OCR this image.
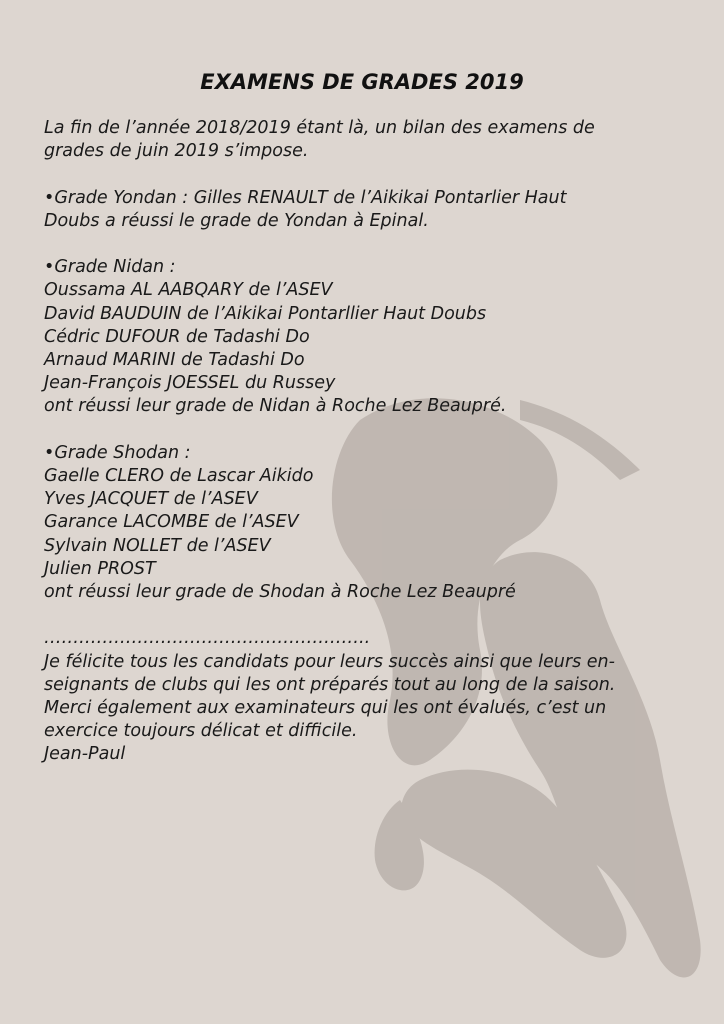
EXAMENS DE GRADES 2019
La fin de l’année 2018/2019 étant là, un bilan des examens de
grades de juin 2019 s’impose.
•Grade Yondan : Gilles RENAULT de l’Aikikai Pontarlier Haut
Doubs a réussi le grade de Yondan à Epinal.
•Grade Nidan :
Oussama AL AABQARY de l’ASEV
David BAUDUIN de l’Aikikai Pontarllier Haut Doubs
Cédric DUFOUR de Tadashi Do
Arnaud MARINI de Tadashi Do
Jean-François JOESSEL du Russey
ont réussi leur grade de Nidan à Roche Lez Beaupré.
•Grade Shodan :
Gaelle CLERO de Lascar Aikido
Yves JACQUET de l’ASEV
Garance LACOMBE de l’ASEV
Sylvain NOLLET de l’ASEV
Julien PROST
ont réussi leur grade de Shodan à Roche Lez Beaupré
………………………………………………..
Je félicite tous les candidats pour leurs succès ainsi que leurs en-
seignants de clubs qui les ont préparés tout au long de la saison.
Merci également aux examinateurs qui les ont évalués, c’est un
exercice toujours délicat et difficile.
Jean-Paul
